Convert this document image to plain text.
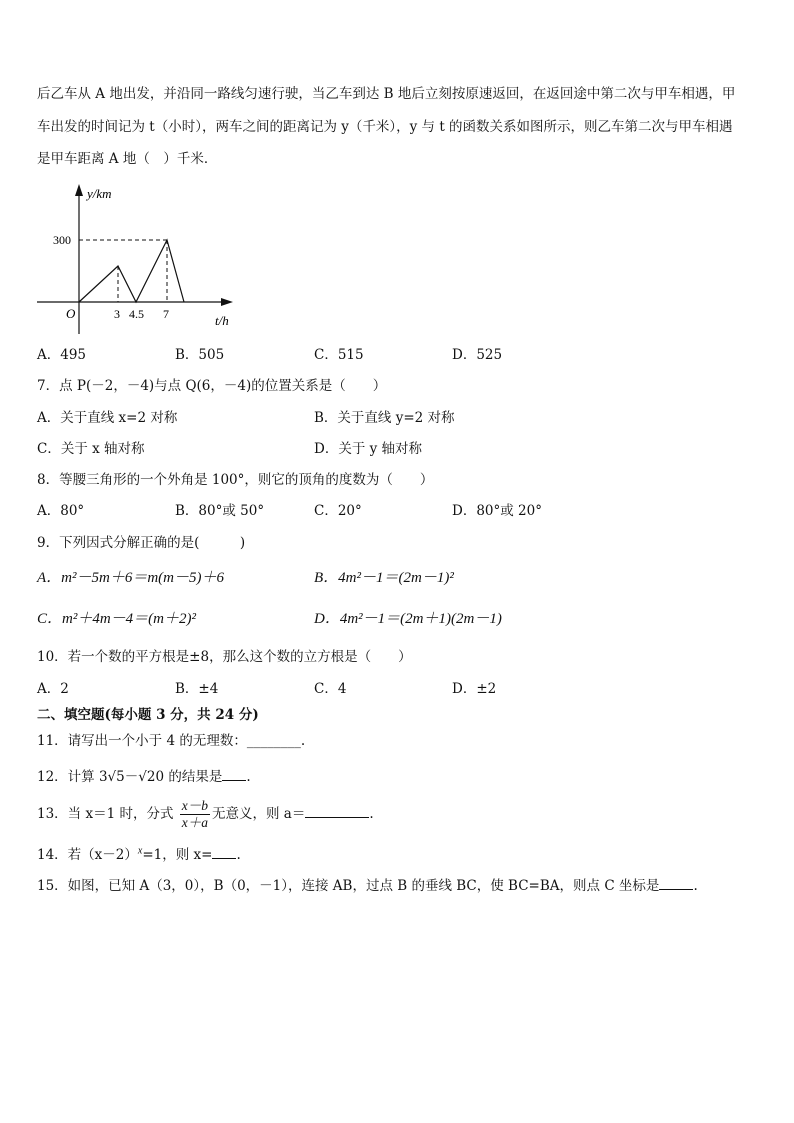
后乙车从 A 地出发，并沿同一路线匀速行驶，当乙车到达 B 地后立刻按原速返回，在返回途中第二次与甲车相遇，甲
车出发的时间记为 t（小时），两车之间的距离记为 y（千米），y 与 t 的函数关系如图所示，则乙车第二次与甲车相遇
是甲车距离 A 地（　）千米．
y/km
300
O	3 4.5 7	t/h
A．495	B．505	C．515	D．525
7．点 P(－2，－4)与点 Q(6，－4)的位置关系是（　　）
A．关于直线 x=2 对称	B．关于直线 y=2 对称
C．关于 x 轴对称	D．关于 y 轴对称
8．等腰三角形的一个外角是 100°，则它的顶角的度数为（　　）
A．80°	B．80°或 50°	C．20°	D．80°或 20°
9．下列因式分解正确的是(　　　)
A．m²－5m＋6＝m(m－5)＋6	B．4m²－1＝(2m－1)²
C．m²＋4m－4＝(m＋2)²	D．4m²－1＝(2m＋1)(2m－1)
10．若一个数的平方根是±8，那么这个数的立方根是（　　）
A．2	B．±4	C．4	D．±2
二、填空题(每小题 3 分，共 24 分)
11．请写出一个小于 4 的无理数：________.
12．计算 3√5－√20 的结果是 .
13．当 x＝1 时，分式 $\frac{x-b}{x+a}$ 无意义，则 a＝	.
14．若$(x-2)^x=1$，则 x= .
15．如图，已知 A（3，0），B（0，－1），连接 AB，过点 B 的垂线 BC，使 BC=BA，则点 C 坐标是	.
